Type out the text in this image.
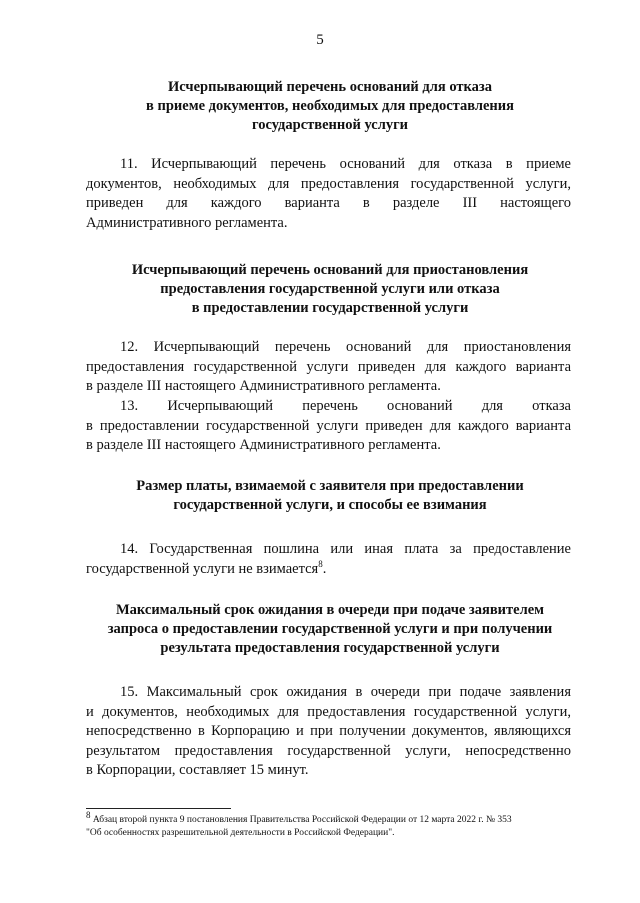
5
Исчерпывающий перечень оснований для отказа
в приеме документов, необходимых для предоставления
государственной услуги
11. Исчерпывающий перечень оснований для отказа в приеме
документов, необходимых для предоставления государственной услуги,
приведен для каждого варианта в разделе III настоящего
Административного регламента.
Исчерпывающий перечень оснований для приостановления
предоставления государственной услуги или отказа
в предоставлении государственной услуги
12. Исчерпывающий перечень оснований для приостановления
предоставления государственной услуги приведен для каждого варианта
в разделе III настоящего Административного регламента.
13. Исчерпывающий перечень оснований для отказа
в предоставлении государственной услуги приведен для каждого варианта
в разделе III настоящего Административного регламента.
Размер платы, взимаемой с заявителя при предоставлении
государственной услуги, и способы ее взимания
14. Государственная пошлина или иная плата за предоставление
государственной услуги не взимается$^8$.
Максимальный срок ожидания в очереди при подаче заявителем
запроса о предоставлении государственной услуги и при получении
результата предоставления государственной услуги
15. Максимальный срок ожидания в очереди при подаче заявления
и документов, необходимых для предоставления государственной услуги,
непосредственно в Корпорацию и при получении документов, являющихся
результатом предоставления государственной услуги, непосредственно
в Корпорации, составляет 15 минут.
$^8$ Абзац второй пункта 9 постановления Правительства Российской Федерации от 12 марта 2022 г. № 353
"Об особенностях разрешительной деятельности в Российской Федерации".
